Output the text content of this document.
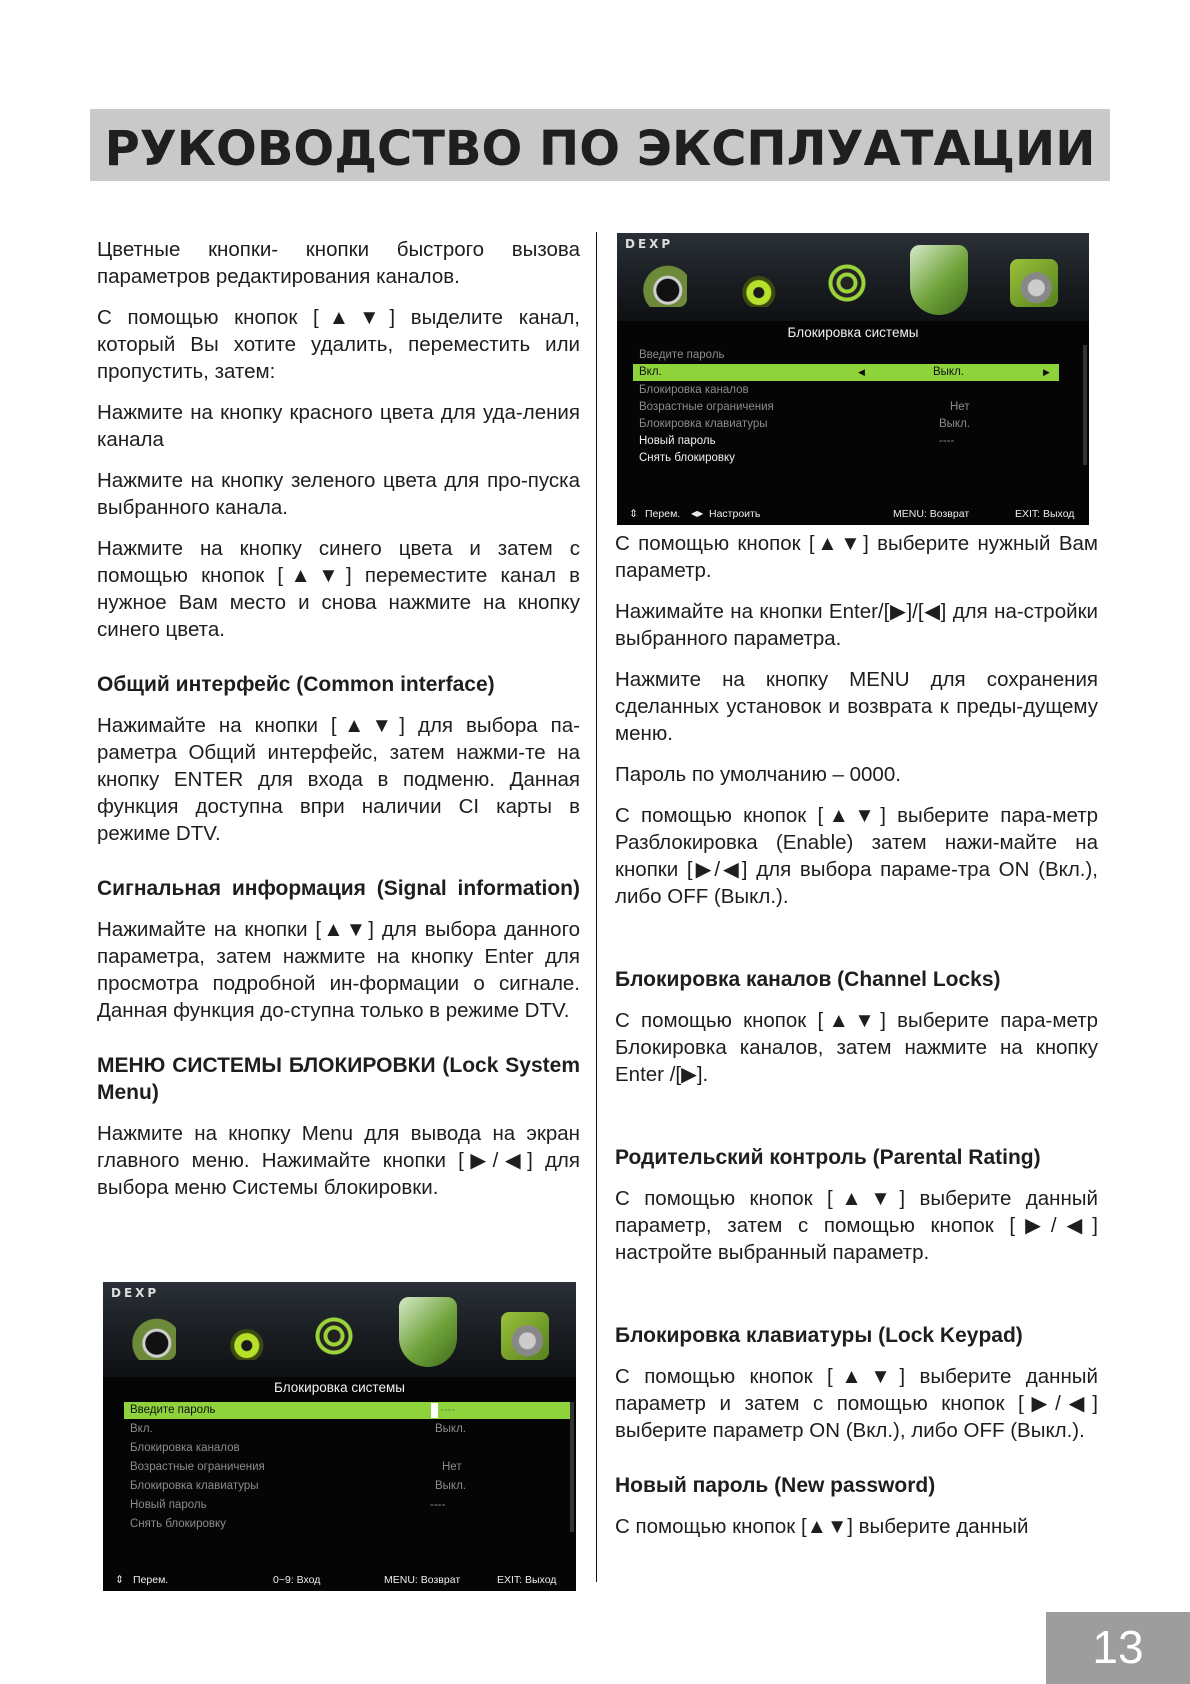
РУКОВОДСТВО ПО ЭКСПЛУАТАЦИИ

Цветные кнопки- кнопки быстрого вызова параметров редактирования каналов.

С помощью кнопок [▲▼] выделите канал, который Вы хотите удалить, переместить или пропустить, затем:

Нажмите на кнопку красного цвета для уда-ления канала

Нажмите на кнопку зеленого цвета для про-пуска выбранного канала.

Нажмите на кнопку синего цвета и затем с помощью кнопок [▲▼] переместите канал в нужное Вам место и снова нажмите на кнопку синего цвета.

Общий интерфейс (Common interface)

Нажимайте на кнопки [▲▼] для выбора па-раметра Общий интерфейс, затем нажми-те на кнопку ENTER для входа в подменю. Данная функция доступна впри наличии CI карты в режиме DTV.

Сигнальная информация (Signal information)

Нажимайте на кнопки [▲▼] для выбора данного параметра, затем нажмите на кнопку Enter для просмотра подробной ин-формации о сигнале. Данная функция до-ступна только в режиме DTV.

МЕНЮ СИСТЕМЫ БЛОКИРОВКИ (Lock System Menu)

Нажмите на кнопку Menu для вывода на экран главного меню. Нажимайте кнопки [▶/◀] для выбора меню Системы блокировки.

DEXP
Блокировка системы
Введите пароль
Вкл.	◀	Выкл.	▶
Блокировка каналов
Возрастные ограничения	Нет
Блокировка клавиатуры	Выкл.
Новый пароль	----
Снять блокировку
⇕ Перем. ◀▶ Настроить	MENU: Возврат	EXIT: Выход
DEXP
Блокировка системы
Введите пароль	----
Вкл.	Выкл.
Блокировка каналов
Возрастные ограничения	Нет
Блокировка клавиатуры	Выкл.
Новый пароль	----
Снять блокировку
⇕ Перем.	0~9: Вход	MENU: Возврат	EXIT: Выход

С помощью кнопок [▲▼] выберите нужный Вам параметр.

Нажимайте на кнопки Enter/[▶]/[◀] для на-стройки выбранного параметра.

Нажмите на кнопку MENU для сохранения сделанных установок и возврата к преды-дущему меню.

Пароль по умолчанию – 0000.

С помощью кнопок [▲▼] выберите пара-метр Разблокировка (Enable) затем нажи-майте на кнопки [▶/◀] для выбора параме-тра ON (Вкл.), либо OFF (Выкл.).

Блокировка каналов (Channel Locks)

С помощью кнопок [▲▼] выберите пара-метр Блокировка каналов, затем нажмите на кнопку Enter /[▶].

Родительский контроль (Parental Rating)

С помощью кнопок [▲▼] выберите данный параметр, затем с помощью кнопок [▶/◀] настройте выбранный параметр.

Блокировка клавиатуры (Lock Keypad)

С помощью кнопок [▲▼] выберите данный параметр и затем с помощью кнопок [▶/◀] выберите параметр ON (Вкл.), либо OFF (Выкл.).

Новый пароль (New password)

С помощью кнопок [▲▼] выберите данный

13
